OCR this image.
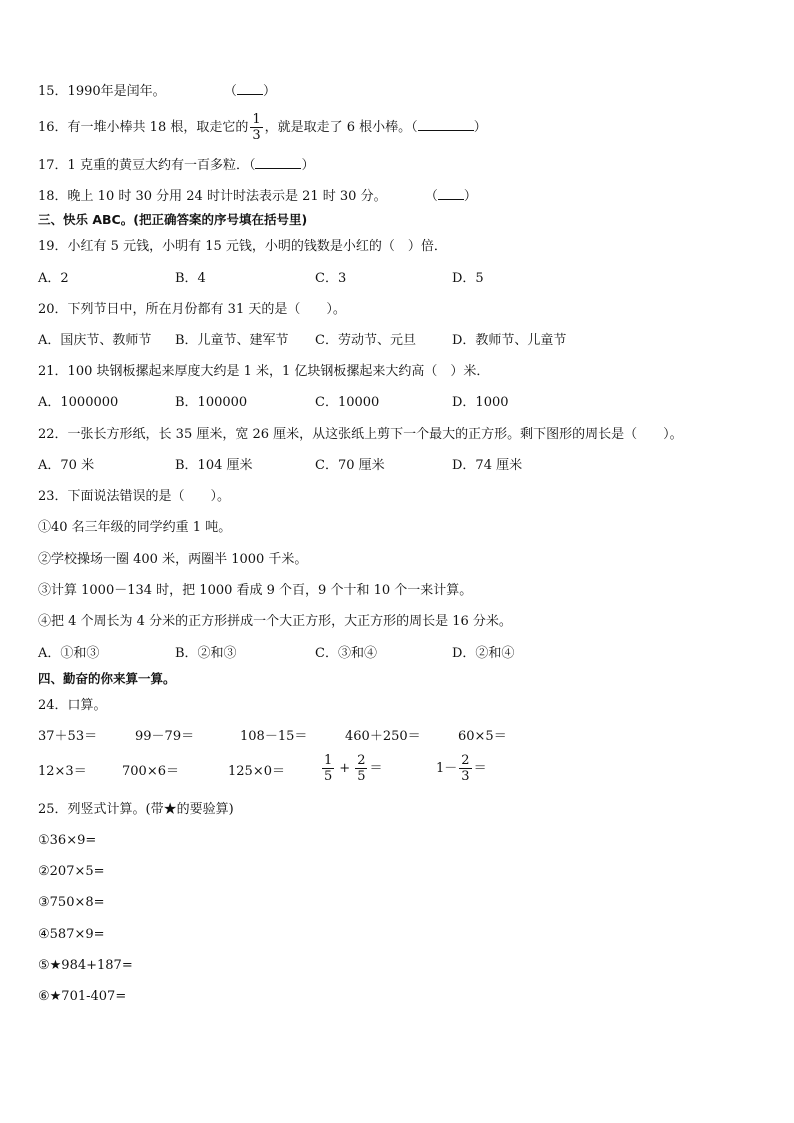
15．1990年是闰年。	（ ）
16．有一堆小棒共 18 根，取走它的 $\frac{1}{3}$ ，就是取走了 6 根小棒。（	）
17．1 克重的黄豆大约有一百多粒．（	）
18．晚上 10 时 30 分用 24 时计时法表示是 21 时 30 分。	（ ）
三、快乐 ABC。(把正确答案的序号填在括号里)
19．小红有 5 元钱，小明有 15 元钱，小明的钱数是小红的（　）倍．
A．2	B．4	C．3	D．5
20．下列节日中，所在月份都有 31 天的是（　　）。
A．国庆节、教师节 B．儿童节、建军节 C．劳动节、元旦	D．教师节、儿童节
21．100 块钢板摞起来厚度大约是 1 米，1 亿块钢板摞起来大约高（　）米．
A．1000000	B．100000	C．10000	D．1000
22．一张长方形纸，长 35 厘米，宽 26 厘米，从这张纸上剪下一个最大的正方形。剩下图形的周长是（　　）。
A．70 米	B．104 厘米	C．70 厘米	D．74 厘米
23．下面说法错误的是（　　）。
①40 名三年级的同学约重 1 吨。
②学校操场一圈 400 米，两圈半 1000 千米。
③计算 1000－134 时，把 1000 看成 9 个百，9 个十和 10 个一来计算。
④把 4 个周长为 4 分米的正方形拼成一个大正方形，大正方形的周长是 16 分米。
A．①和③	B．②和③	C．③和④	D．②和④
四、勤奋的你来算一算。
24．口算。
37＋53＝	99－79＝	108－15＝	460＋250＝	60×5＝
12×3＝	700×6＝	125×0＝	$\frac{1}{5} + \frac{2}{5}$ ＝	$1- \frac{2}{3}$ ＝
25．列竖式计算。(带★的要验算)
①36×9=
②207×5=
③750×8=
④587×9=
⑤★984+187=
⑥★701-407=
